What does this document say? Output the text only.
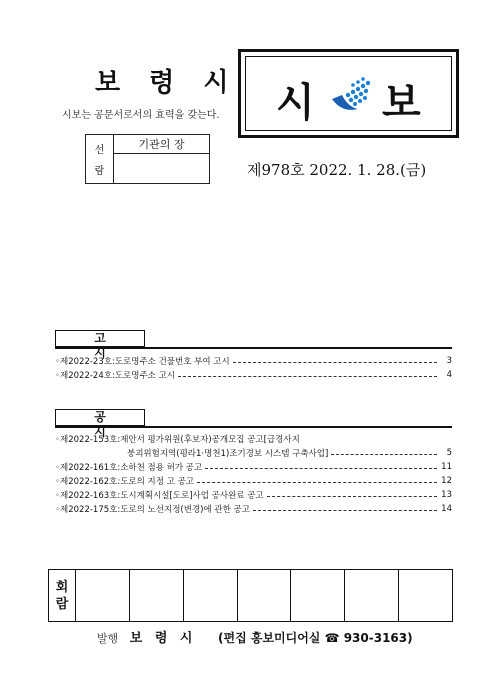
보 령 시
시보는 공문서로서의 효력을 갖는다. 시 보
선
람
	기관의 장

제978호 2022. 1. 28.(금)
고 시
◦제2022-23호:도로명주소 건물번호 부여 고시	3
◦제2022-24호:도로명주소 고시	4
공 시
◦제2022-153호:제안서 평가위원(후보자)공개모집 공고[급경사지
붕괴위험지역(평라1·명천1)조기경보 시스템 구축사업]	5
◦제2022-161호:소하천 점용 허가 공고	11
◦제2022-162호:도로의 지정 고 공고	12
◦제2022-163호:도시계획시설[도로]사업 공사완료 공고	13
◦제2022-175호:도로의 노선지정(변경)에 관한 공고	14
회
람

발행 보 령 시 (편집 홍보미디어실 ☎ 930-3163)
